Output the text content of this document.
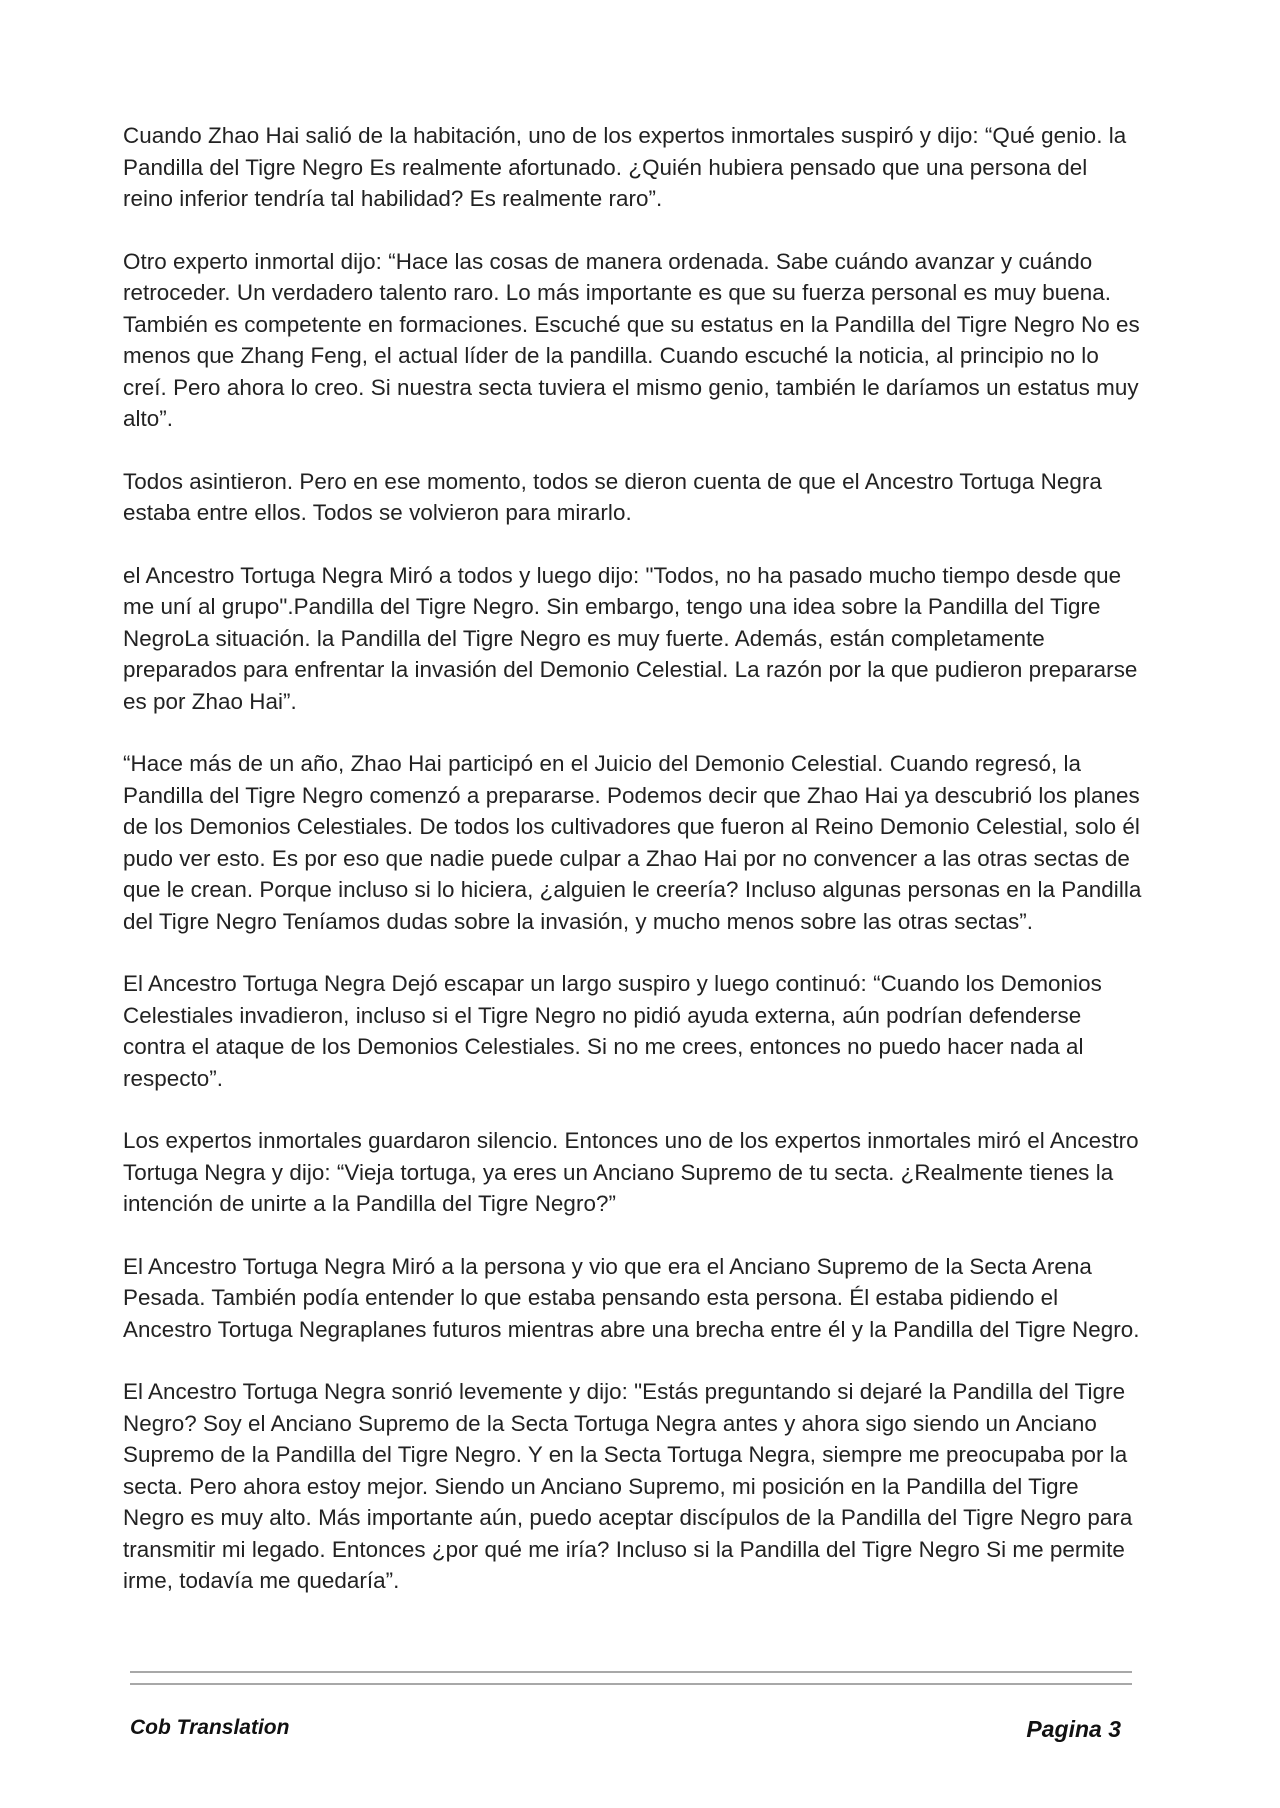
Cuando Zhao Hai salió de la habitación, uno de los expertos inmortales suspiró y dijo: “Qué genio. la Pandilla del Tigre Negro Es realmente afortunado. ¿Quién hubiera pensado que una persona del reino inferior tendría tal habilidad? Es realmente raro”.

Otro experto inmortal dijo: “Hace las cosas de manera ordenada. Sabe cuándo avanzar y cuándo retroceder. Un verdadero talento raro. Lo más importante es que su fuerza personal es muy buena. También es competente en formaciones. Escuché que su estatus en la Pandilla del Tigre Negro No es menos que Zhang Feng, el actual líder de la pandilla. Cuando escuché la noticia, al principio no lo creí. Pero ahora lo creo. Si nuestra secta tuviera el mismo genio, también le daríamos un estatus muy alto”.

Todos asintieron. Pero en ese momento, todos se dieron cuenta de que el Ancestro Tortuga Negra estaba entre ellos. Todos se volvieron para mirarlo.

el Ancestro Tortuga Negra Miró a todos y luego dijo: "Todos, no ha pasado mucho tiempo desde que me uní al grupo".Pandilla del Tigre Negro. Sin embargo, tengo una idea sobre la Pandilla del Tigre NegroLa situación. la Pandilla del Tigre Negro es muy fuerte. Además, están completamente preparados para enfrentar la invasión del Demonio Celestial. La razón por la que pudieron prepararse es por Zhao Hai”.

“Hace más de un año, Zhao Hai participó en el Juicio del Demonio Celestial. Cuando regresó, la Pandilla del Tigre Negro comenzó a prepararse. Podemos decir que Zhao Hai ya descubrió los planes de los Demonios Celestiales. De todos los cultivadores que fueron al Reino Demonio Celestial, solo él pudo ver esto. Es por eso que nadie puede culpar a Zhao Hai por no convencer a las otras sectas de que le crean. Porque incluso si lo hiciera, ¿alguien le creería? Incluso algunas personas en la Pandilla del Tigre Negro Teníamos dudas sobre la invasión, y mucho menos sobre las otras sectas”.

El Ancestro Tortuga Negra Dejó escapar un largo suspiro y luego continuó: “Cuando los Demonios Celestiales invadieron, incluso si el Tigre Negro no pidió ayuda externa, aún podrían defenderse contra el ataque de los Demonios Celestiales. Si no me crees, entonces no puedo hacer nada al respecto”.

Los expertos inmortales guardaron silencio. Entonces uno de los expertos inmortales miró el Ancestro Tortuga Negra y dijo: “Vieja tortuga, ya eres un Anciano Supremo de tu secta. ¿Realmente tienes la intención de unirte a la Pandilla del Tigre Negro?”

El Ancestro Tortuga Negra Miró a la persona y vio que era el Anciano Supremo de la Secta Arena Pesada. También podía entender lo que estaba pensando esta persona. Él estaba pidiendo el Ancestro Tortuga Negraplanes futuros mientras abre una brecha entre él y la Pandilla del Tigre Negro.

El Ancestro Tortuga Negra sonrió levemente y dijo: "Estás preguntando si dejaré la Pandilla del Tigre Negro? Soy el Anciano Supremo de la Secta Tortuga Negra antes y ahora sigo siendo un Anciano Supremo de la Pandilla del Tigre Negro. Y en la Secta Tortuga Negra, siempre me preocupaba por la secta. Pero ahora estoy mejor. Siendo un Anciano Supremo, mi posición en la Pandilla del Tigre Negro es muy alto. Más importante aún, puedo aceptar discípulos de la Pandilla del Tigre Negro para transmitir mi legado. Entonces ¿por qué me iría? Incluso si la Pandilla del Tigre Negro Si me permite irme, todavía me quedaría”.

Cob Translation	Pagina 3
